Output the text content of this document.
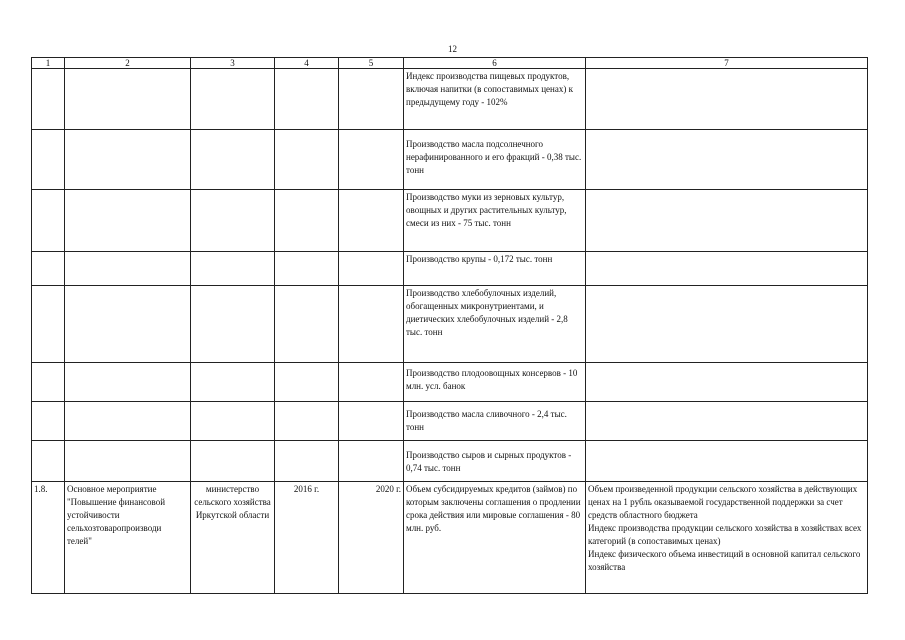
12
1	2	3	4	5	6	7
					Индекс производства пищевых продуктов, включая напитки (в сопоставимых ценах) к предыдущему году - 102%	
					Производство масла подсолнечного нерафинированного и его фракций - 0,38 тыс. тонн	
					Производство муки из зерновых культур, овощных и других растительных культур, смеси из них - 75 тыс. тонн	
					Производство крупы - 0,172 тыс. тонн	
					Производство хлебобулочных изделий, обогащенных микронутриентами, и диетических хлебобулочных изделий - 2,8 тыс. тонн	
					Производство плодоовощных консервов - 10 млн. усл. банок	
					Производство масла сливочного - 2,4 тыс. тонн	
					Производство сыров и сырных продуктов - 0,74 тыс. тонн	
1.8.	Основное мероприятие "Повышение финансовой устойчивости сельхозтоваропроизводи телей"	министерство сельского хозяйства Иркутской области	2016 г.	2020 г.	Объем субсидируемых кредитов (займов) по которым заключены соглашения о продлении срока действия или мировые соглашения - 80 млн. руб.	Объем произведенной продукции сельского хозяйства в действующих ценах на 1 рубль оказываемой государственной поддержки за счет средств областного бюджета
Индекс производства продукции сельского хозяйства в хозяйствах всех категорий (в сопоставимых ценах)
Индекс физического объема инвестиций в основной капитал сельского хозяйства
